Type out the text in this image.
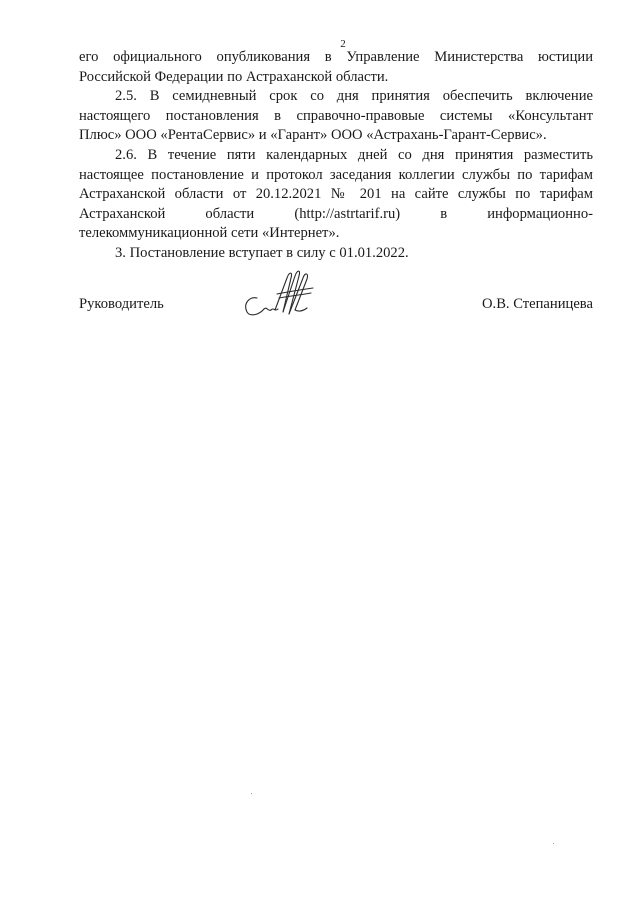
2
его официального опубликования в Управление Министерства юстиции
Российской Федерации по Астраханской области.
2.5. В семидневный срок со дня принятия обеспечить включение
настоящего постановления в справочно-правовые системы «Консультант
Плюс» ООО «РентаСервис» и «Гарант» ООО «Астрахань-Гарант-Сервис».
2.6. В течение пяти календарных дней со дня принятия разместить
настоящее постановление и протокол заседания коллегии службы по тарифам
Астраханской области от 20.12.2021 № 201 на сайте службы по тарифам
Астраханской области (http://astrtarif.ru) в информационно-
телекоммуникационной сети «Интернет».
3. Постановление вступает в силу с 01.01.2022.
Руководитель	О.В. Степаницева
